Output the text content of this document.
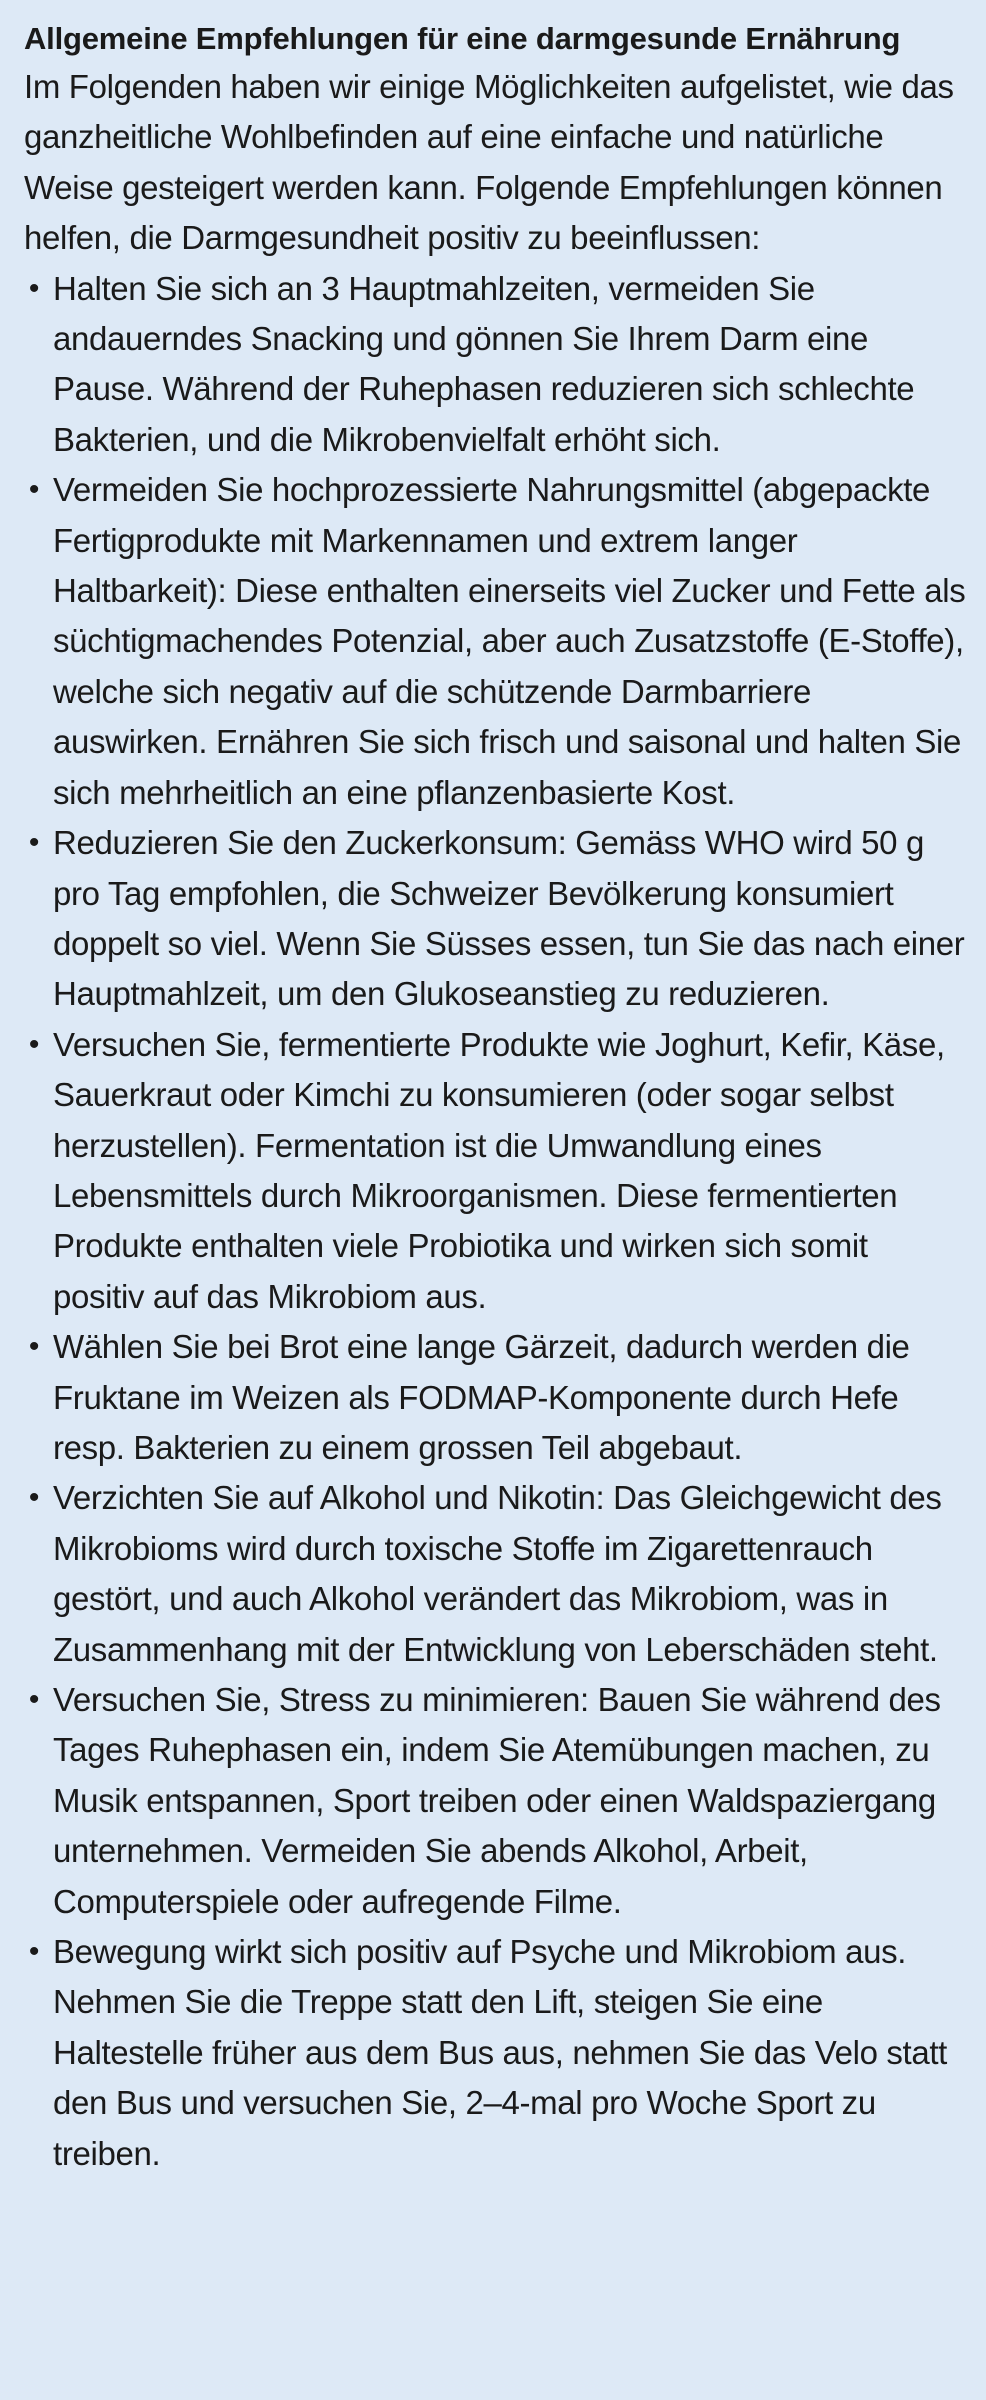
Allgemeine Empfehlungen für eine darmgesunde Ernährung

Im Folgenden haben wir einige Möglichkeiten aufgelistet, wie das ganzheitliche Wohlbefinden auf eine einfache und natürliche Weise gesteigert werden kann. Folgende Empfehlungen können helfen, die Darmgesundheit positiv zu beeinflussen:

• Halten Sie sich an 3 Hauptmahlzeiten, vermeiden Sie andauerndes Snacking und gönnen Sie Ihrem Darm eine Pause. Während der Ruhephasen reduzieren sich schlechte Bakterien, und die Mikrobenvielfalt erhöht sich.
• Vermeiden Sie hochprozessierte Nahrungsmittel (abgepackte Fertigprodukte mit Markennamen und extrem langer Haltbarkeit): Diese enthalten einerseits viel Zucker und Fette als süchtigmachendes Potenzial, aber auch Zusatzstoffe (E-Stoffe), welche sich negativ auf die schützende Darmbarriere auswirken. Ernähren Sie sich frisch und saisonal und halten Sie sich mehrheitlich an eine pflanzenbasierte Kost.
• Reduzieren Sie den Zuckerkonsum: Gemäss WHO wird 50 g pro Tag empfohlen, die Schweizer Bevölkerung konsumiert doppelt so viel. Wenn Sie Süsses essen, tun Sie das nach einer Hauptmahlzeit, um den Glukoseanstieg zu reduzieren.
• Versuchen Sie, fermentierte Produkte wie Joghurt, Kefir, Käse, Sauerkraut oder Kimchi zu konsumieren (oder sogar selbst herzustellen). Fermentation ist die Umwandlung eines Lebensmittels durch Mikroorganismen. Diese fermentierten Produkte enthalten viele Probiotika und wirken sich somit positiv auf das Mikrobiom aus.
• Wählen Sie bei Brot eine lange Gärzeit, dadurch werden die Fruktane im Weizen als FODMAP-Komponente durch Hefe resp. Bakterien zu einem grossen Teil abgebaut.
• Verzichten Sie auf Alkohol und Nikotin: Das Gleichgewicht des Mikrobioms wird durch toxische Stoffe im Zigarettenrauch gestört, und auch Alkohol verändert das Mikrobiom, was in Zusammenhang mit der Entwicklung von Leberschäden steht.
• Versuchen Sie, Stress zu minimieren: Bauen Sie während des Tages Ruhephasen ein, indem Sie Atemübungen machen, zu Musik entspannen, Sport treiben oder einen Waldspaziergang unternehmen. Vermeiden Sie abends Alkohol, Arbeit, Computerspiele oder aufregende Filme.
• Bewegung wirkt sich positiv auf Psyche und Mikrobiom aus. Nehmen Sie die Treppe statt den Lift, steigen Sie eine Haltestelle früher aus dem Bus aus, nehmen Sie das Velo statt den Bus und versuchen Sie, 2–4-mal pro Woche Sport zu treiben.
